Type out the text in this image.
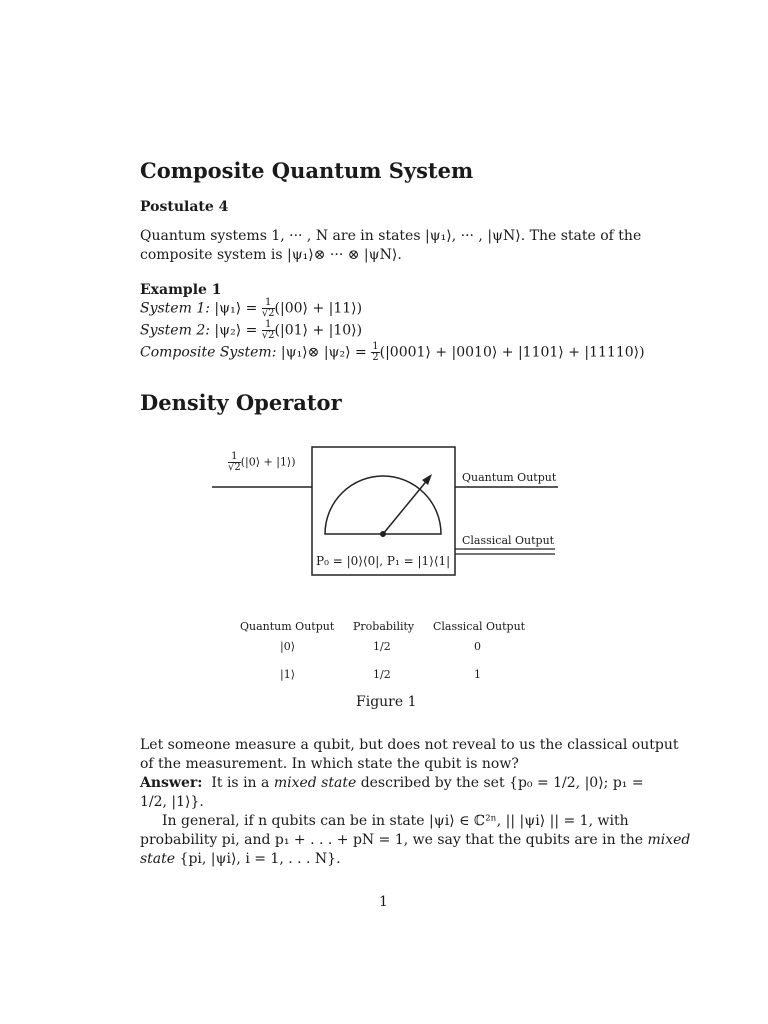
Composite Quantum System
Postulate 4
Quantum systems 1, ··· , N are in states |ψ₁⟩, ··· , |ψN⟩. The state of the
composite system is |ψ₁⟩⊗ ··· ⊗ |ψN⟩.
Example 1
System 1: |ψ₁⟩ = $\frac{1}{√2}$ (|00⟩ + |11⟩)
System 2: |ψ₂⟩ = $\frac{1}{√2}$ (|01⟩ + |10⟩)
Composite System: |ψ₁⟩⊗ |ψ₂⟩ = $\frac{1}{2}$ (|0001⟩ + |0010⟩ + |1101⟩ + |11110⟩)
Density Operator
$\frac{1}{√2}$ (|0⟩ + |1⟩)
Quantum Output
Classical Output
P₀ = |0⟩⟨0|, P₁ = |1⟩⟨1|
Quantum Output Probability Classical Output
|0⟩	1/2	0
|1⟩	1/2	1
Figure 1
Let someone measure a qubit, but does not reveal to us the classical output
of the measurement. In which state the qubit is now?
Answer: It is in a mixed state described by the set {p₀ = 1/2, |0⟩; p₁ =
1/2, |1⟩}.
In general, if n qubits can be in state |ψi⟩ ∈ ℂ²ⁿ, || |ψi⟩ || = 1, with
probability pi, and p₁ + . . . + pN = 1, we say that the qubits are in the mixed
state {pi, |ψi⟩, i = 1, . . . N}.
1
